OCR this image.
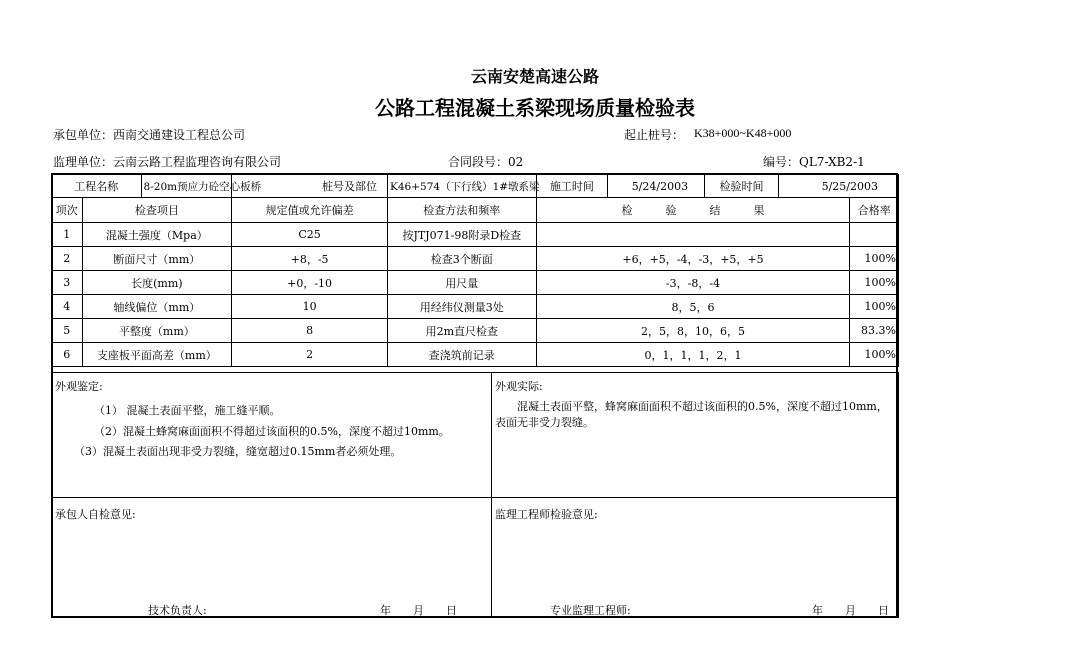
云南安楚高速公路
公路工程混凝土系梁现场质量检验表
承包单位：西南交通建设工程总公司	起止桩号： K38+000~K48+000
监理单位：云南云路工程监理咨询有限公司	合同段号：02	编号：QL7-XB2-1
工程名称		8-20m预应力砼空心板桥	桩号及部位	K46+574（下行线）1#墩系梁	施工时间	5/24/2003	检验时间	5/25/2003	
项次	检查项目		规定值或允许偏差	检查方法和频率	检　　　验　　　结　　　果				合格率
1	混凝土强度（Mpa）		C25	按JTJ071-98附录D检查					
2	断面尺寸（mm）		+8，-5	检查3个断面	+6，+5，-4，-3，+5，+5				100%
3	长度(mm)		+0，-10	用尺量	-3，-8，-4				100%
4	轴线偏位（mm）		10	用经纬仪测量3处	8，5，6				100%
5	平整度（mm）		8	用2m直尺检查	2，5，8，10，6，5				83.3%
6	支座板平面高差（mm）		2	查浇筑前记录	0，1，1，1，2，1				100%
外观鉴定:
（1） 混凝土表面平整，施工缝平顺。
（2）混凝土蜂窝麻面面积不得超过该面积的0.5%，深度不超过10mm。
（3）混凝土表面出现非受力裂缝，缝宽超过0.15mm者必须处理。
外观实际:
　　混凝土表面平整，蜂窝麻面面积不超过该面积的0.5%，深度不超过10mm，表面无非受力裂缝。
承包人自检意见:
技术负责人:	年　　月　　日
监理工程师检验意见:
专业监理工程师:	年　　月　　日
